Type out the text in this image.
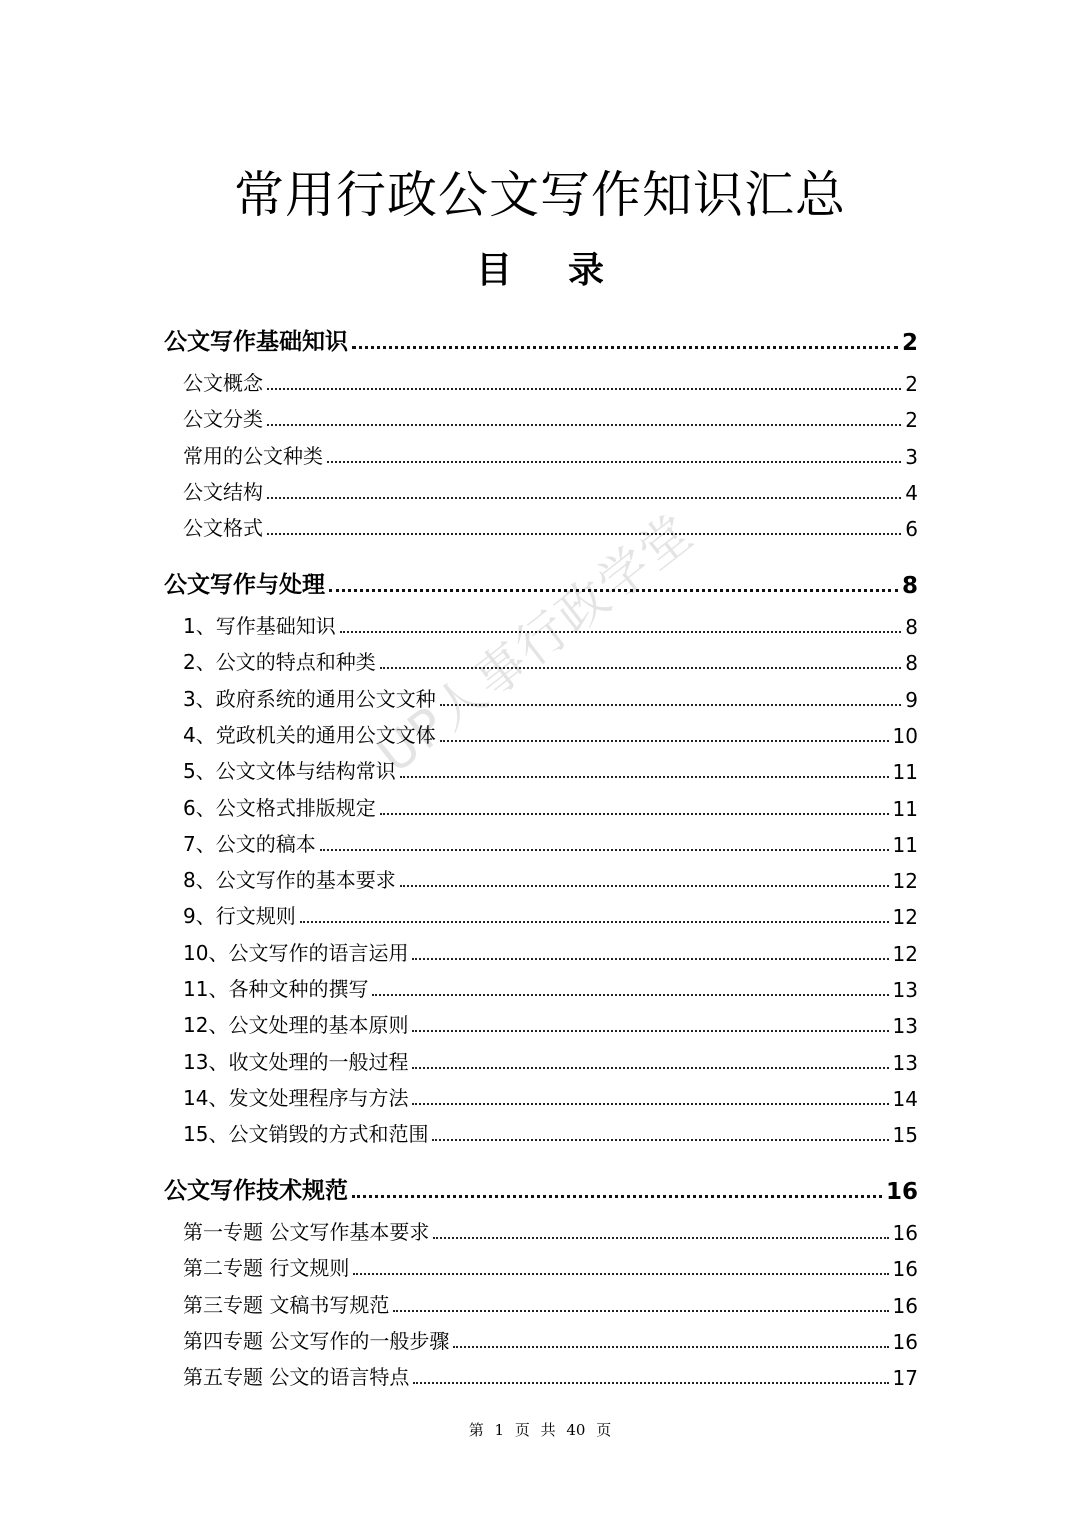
常用行政公文写作知识汇总
目 录
UP人事行政学堂
公文写作基础知识	2
公文概念	2
公文分类	2
常用的公文种类	3
公文结构	4
公文格式	6
公文写作与处理	8
1、写作基础知识	8
2、公文的特点和种类	8
3、政府系统的通用公文文种	9
4、党政机关的通用公文文体	10
5、公文文体与结构常识	11
6、公文格式排版规定	11
7、公文的稿本	11
8、公文写作的基本要求	12
9、行文规则	12
10、公文写作的语言运用	12
11、各种文种的撰写	13
12、公文处理的基本原则	13
13、收文处理的一般过程	13
14、发文处理程序与方法	14
15、公文销毁的方式和范围	15
公文写作技术规范	16
第一专题 公文写作基本要求	16
第二专题 行文规则	16
第三专题 文稿书写规范	16
第四专题 公文写作的一般步骤	16
第五专题 公文的语言特点	17
第 1 页 共 40 页
